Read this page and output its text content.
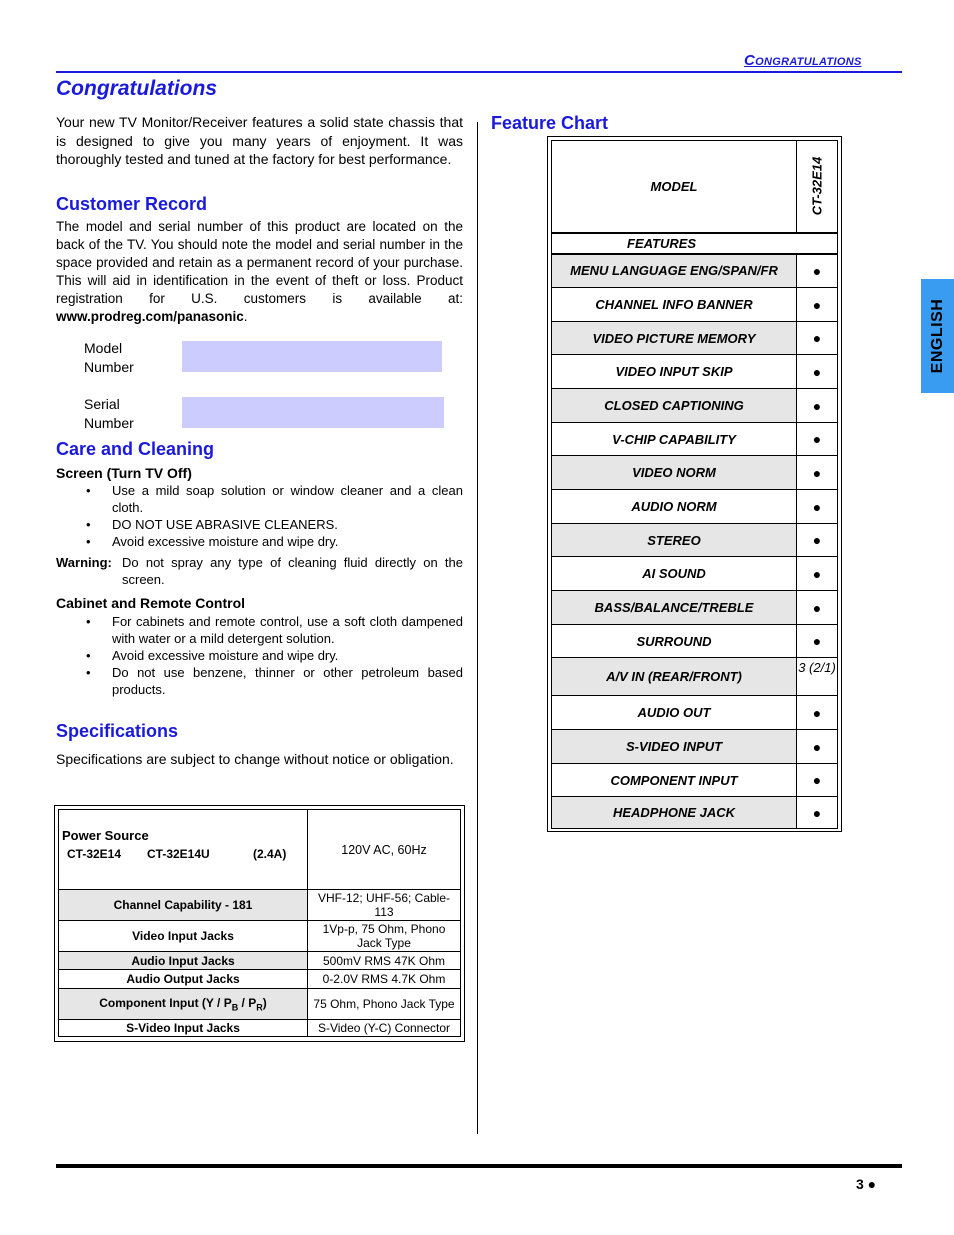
Congratulations
Congratulations
Your new TV Monitor/Receiver features a solid state chassis that is designed to give you many years of enjoyment. It was thoroughly tested and tuned at the factory for best performance.
Customer Record
The model and serial number of this product are located on the back of the TV. You should note the model and serial number in the space provided and retain as a permanent record of your purchase. This will aid in identification in the event of theft or loss. Product registration for U.S. customers is available at: www.prodreg.com/panasonic.
Model
Number
Serial
Number
Care and Cleaning
Screen (Turn TV Off)
• Use a mild soap solution or window cleaner and a clean cloth.
• DO NOT USE ABRASIVE CLEANERS.
• Avoid excessive moisture and wipe dry.
Warning: Do not spray any type of cleaning fluid directly on the screen.
Cabinet and Remote Control
• For cabinets and remote control, use a soft cloth dampened with water or a mild detergent solution.
• Avoid excessive moisture and wipe dry.
• Do not use benzene, thinner or other petroleum based products.
Specifications
Specifications are subject to change without notice or obligation.
Power Source
CT-32E14 CT-32E14U (2.4A)	120V AC, 60Hz
Channel Capability - 181	VHF-12; UHF-56; Cable-113
Video Input Jacks	1Vp-p, 75 Ohm, Phono Jack Type
Audio Input Jacks	500mV RMS 47K Ohm
Audio Output Jacks	0-2.0V RMS 4.7K Ohm
Component Input $(Y / P_B / P_R)$	75 Ohm, Phono Jack Type
S-Video Input Jacks	S-Video (Y-C) Connector
Feature Chart
MODEL	CT-32E14

FEATURES	
MENU LANGUAGE ENG/SPAN/FR	●
CHANNEL INFO BANNER	●
VIDEO PICTURE MEMORY	●
VIDEO INPUT SKIP	●
CLOSED CAPTIONING	●
V-CHIP CAPABILITY	●
VIDEO NORM	●
AUDIO NORM	●
STEREO	●
AI SOUND	●
BASS/BALANCE/TREBLE	●
SURROUND	●
A/V IN (REAR/FRONT)	3 (2/1)
AUDIO OUT	●
S-VIDEO INPUT	●
COMPONENT INPUT	●
HEADPHONE JACK	●
ENGLISH
3 ●
